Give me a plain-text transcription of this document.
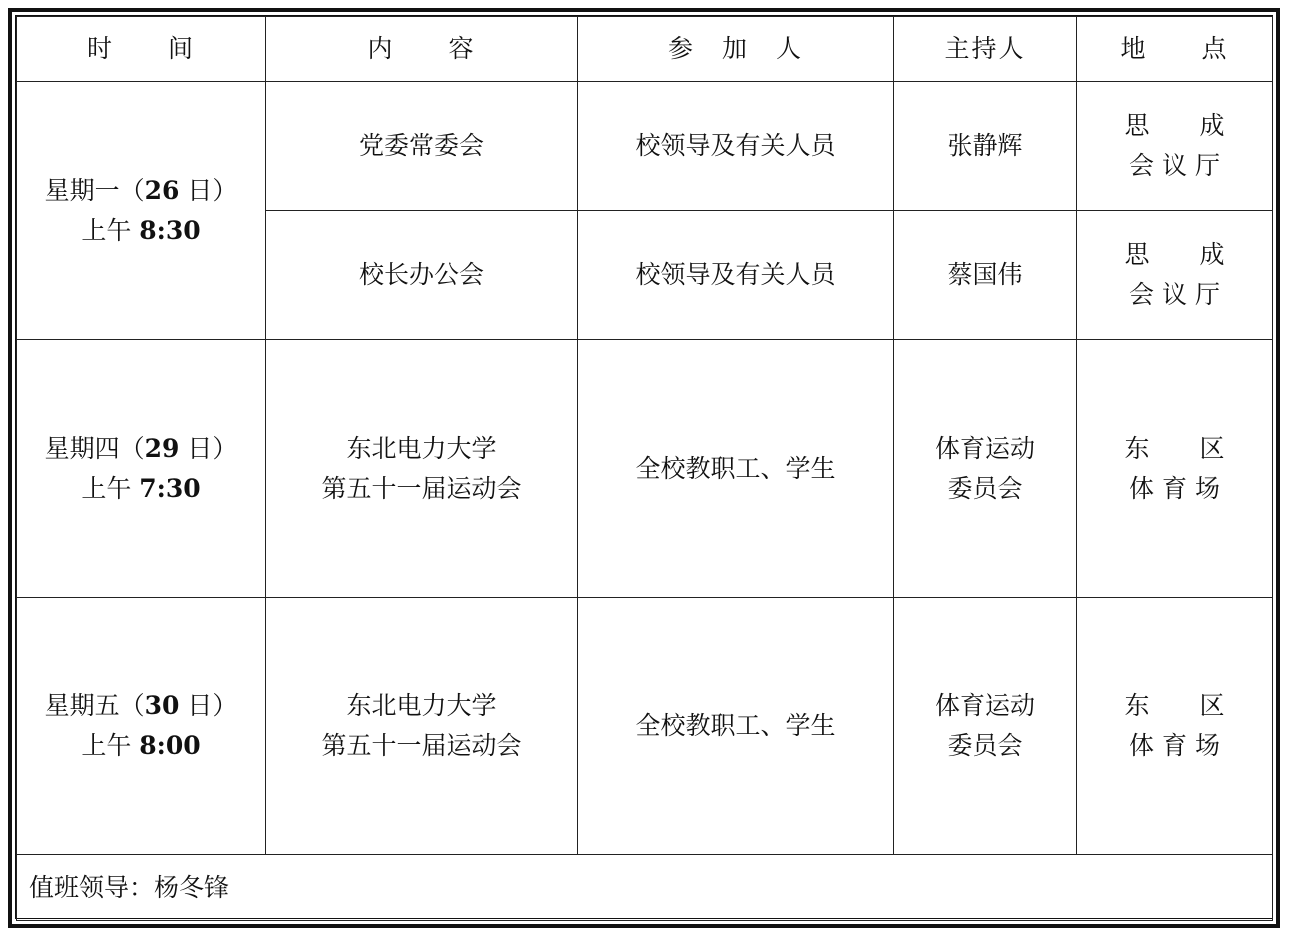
时　　间	内　　容	参　加　人	主持人	地　　点

星期一（26 日）
上午 8:30	党委常委会	校领导及有关人员	张静辉	思　　成
会 议 厅

	校长办公会	校领导及有关人员	蔡国伟	思　　成
会 议 厅

星期四（29 日）
上午 7:30	东北电力大学
第五十一届运动会	全校教职工、学生	体育运动
委员会	东　　区
体 育 场

星期五（30 日）
上午 8:00	东北电力大学
第五十一届运动会	全校教职工、学生	体育运动
委员会	东　　区
体 育 场

值班领导：杨冬锋				
